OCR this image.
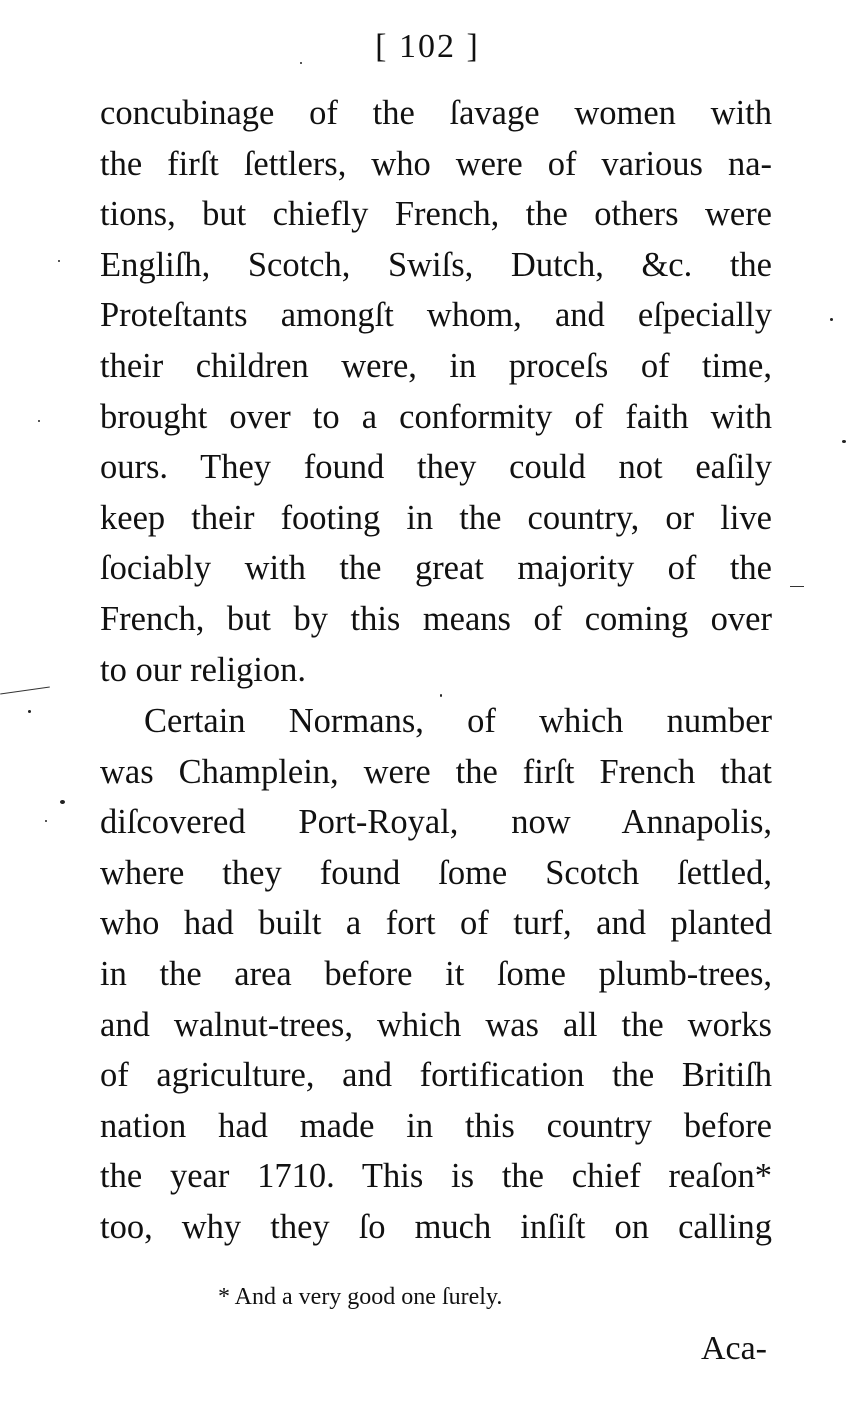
[ 102 ]
concubinage of the ſavage women with
the firſt ſettlers, who were of various na-
tions, but chiefly French, the others were
Engliſh, Scotch, Swiſs, Dutch, &c. the
Proteſtants amongſt whom, and eſpecially
their children were, in proceſs of time,
brought over to a conformity of faith with
ours. They found they could not eaſily
keep their footing in the country, or live
ſociably with the great majority of the
French, but by this means of coming over
to our religion.
Certain Normans, of which number
was Champlein, were the firſt French that
diſcovered Port-Royal, now Annapolis,
where they found ſome Scotch ſettled,
who had built a fort of turf, and planted
in the area before it ſome plumb-trees,
and walnut-trees, which was all the works
of agriculture, and fortification the Britiſh
nation had made in this country before
the year 1710. This is the chief reaſon*
too, why they ſo much inſiſt on calling
* And a very good one ſurely.
Aca-
